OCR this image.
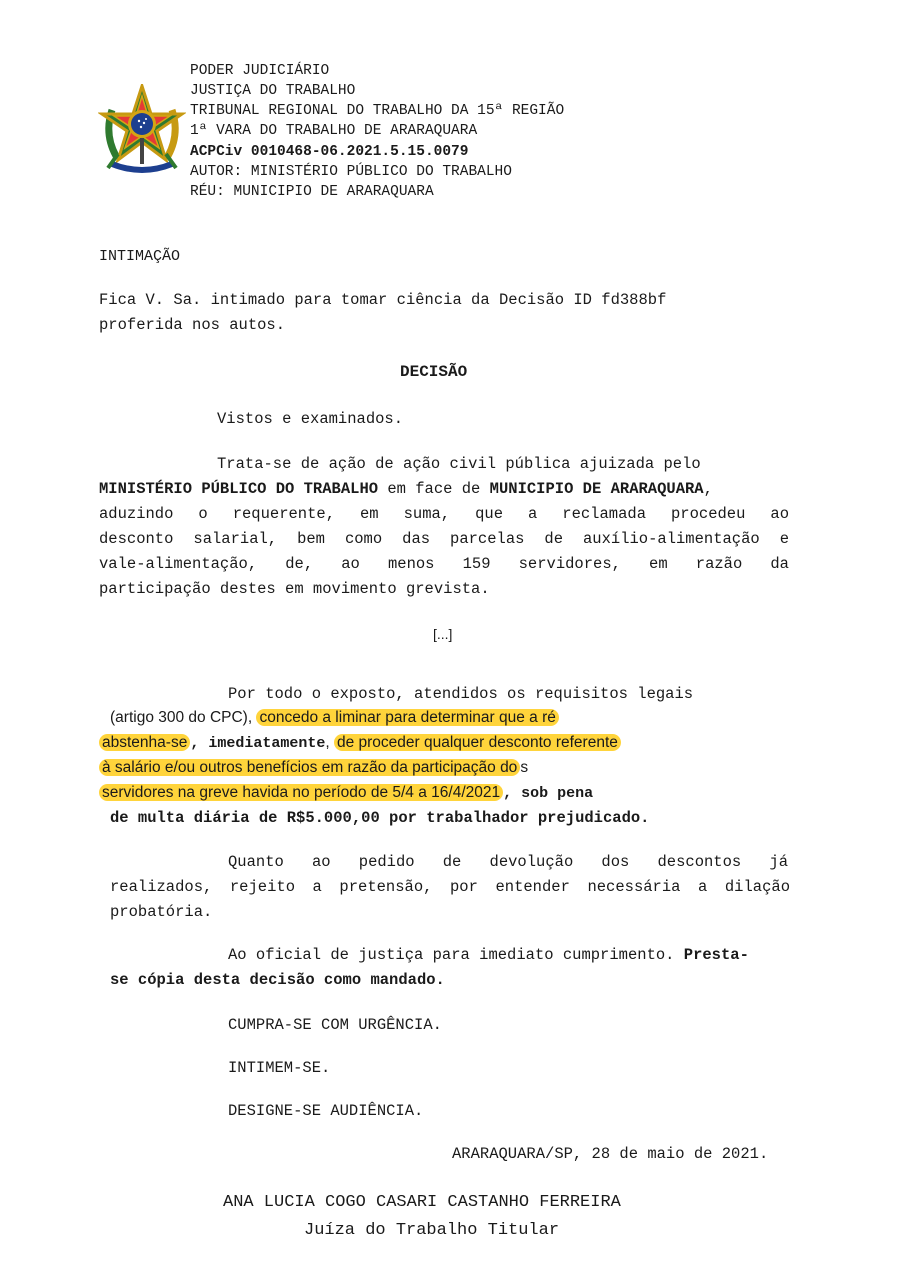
PODER JUDICIÁRIO
JUSTIÇA DO TRABALHO
TRIBUNAL REGIONAL DO TRABALHO DA 15ª REGIÃO
1ª VARA DO TRABALHO DE ARARAQUARA
ACPCiv 0010468-06.2021.5.15.0079
AUTOR: MINISTÉRIO PÚBLICO DO TRABALHO
RÉU: MUNICIPIO DE ARARAQUARA
INTIMAÇÃO
Fica V. Sa. intimado para tomar ciência da Decisão ID fd388bf
proferida nos autos.
DECISÃO
Vistos e examinados.
Trata-se de ação de ação civil pública ajuizada pelo
MINISTÉRIO PÚBLICO DO TRABALHO em face de MUNICIPIO DE ARARAQUARA,
aduzindo o requerente, em suma, que a reclamada procedeu ao
desconto salarial, bem como das parcelas de auxílio-alimentação e
vale-alimentação, de, ao menos 159 servidores, em razão da
participação destes em movimento grevista.
[...]
Por todo o exposto, atendidos os requisitos legais
(artigo 300 do CPC), concedo a liminar para determinar que a ré
abstenha-se , imediatamente, de proceder qualquer desconto referente
à salário e/ou outros benefícios em razão da participação do s
servidores na greve havida no período de 5/4 a 16/4/2021 , sob pena
de multa diária de R$5.000,00 por trabalhador prejudicado.
Quanto ao pedido de devolução dos descontos já
realizados, rejeito a pretensão, por entender necessária a dilação
probatória.
Ao oficial de justiça para imediato cumprimento. Presta-
se cópia desta decisão como mandado.
CUMPRA-SE COM URGÊNCIA.
INTIMEM-SE.
DESIGNE-SE AUDIÊNCIA.
ARARAQUARA/SP, 28 de maio de 2021.
ANA LUCIA COGO CASARI CASTANHO FERREIRA
Juíza do Trabalho Titular
